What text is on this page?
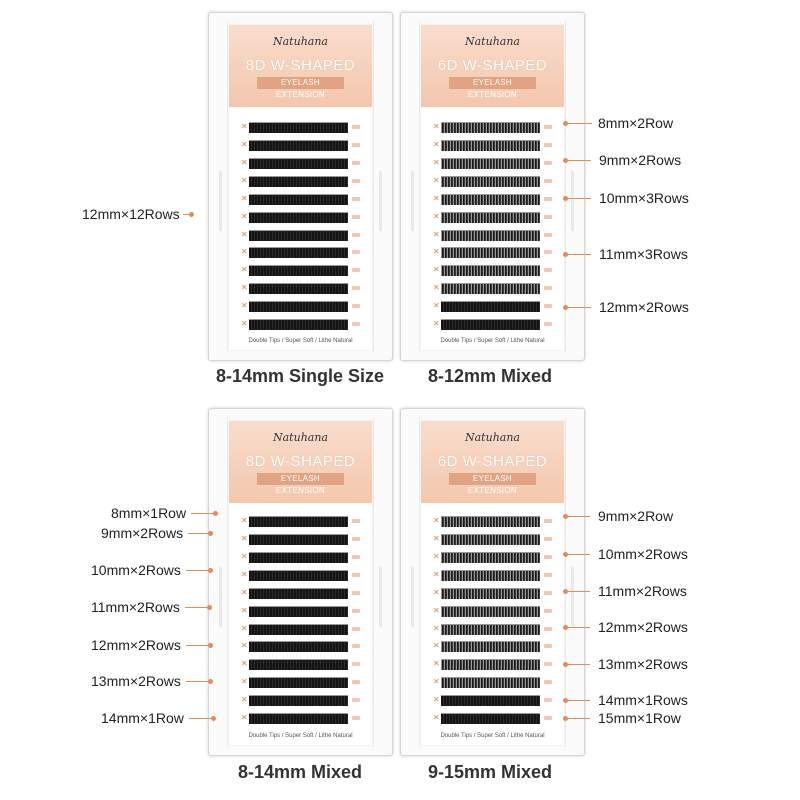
Natuhana
8D W-SHAPED
EYELASH EXTENSION
✕
✕
✕
✕
✕
✕
✕
✕
✕
✕
✕
✕
Double Tips / Super Soft / Lithe Natural
8-14mm Single Size
Natuhana
6D W-SHAPED
EYELASH EXTENSION
✕
✕
✕
✕
✕
✕
✕
✕
✕
✕
✕
✕
Double Tips / Super Soft / Lithe Natural
8-12mm Mixed
Natuhana
8D W-SHAPED
EYELASH EXTENSION
✕
✕
✕
✕
✕
✕
✕
✕
✕
✕
✕
✕
Double Tips / Super Soft / Lithe Natural
8-14mm Mixed
Natuhana
6D W-SHAPED
EYELASH EXTENSION
✕
✕
✕
✕
✕
✕
✕
✕
✕
✕
✕
✕
Double Tips / Super Soft / Lithe Natural
9-15mm Mixed
12mm×12Rows
8mm×2Row
9mm×2Rows
10mm×3Rows
11mm×3Rows
12mm×2Rows
8mm×1Row
9mm×2Rows
10mm×2Rows
11mm×2Rows
12mm×2Rows
13mm×2Rows
14mm×1Row
9mm×2Row
10mm×2Rows
11mm×2Rows
12mm×2Rows
13mm×2Rows
14mm×1Rows
15mm×1Row
